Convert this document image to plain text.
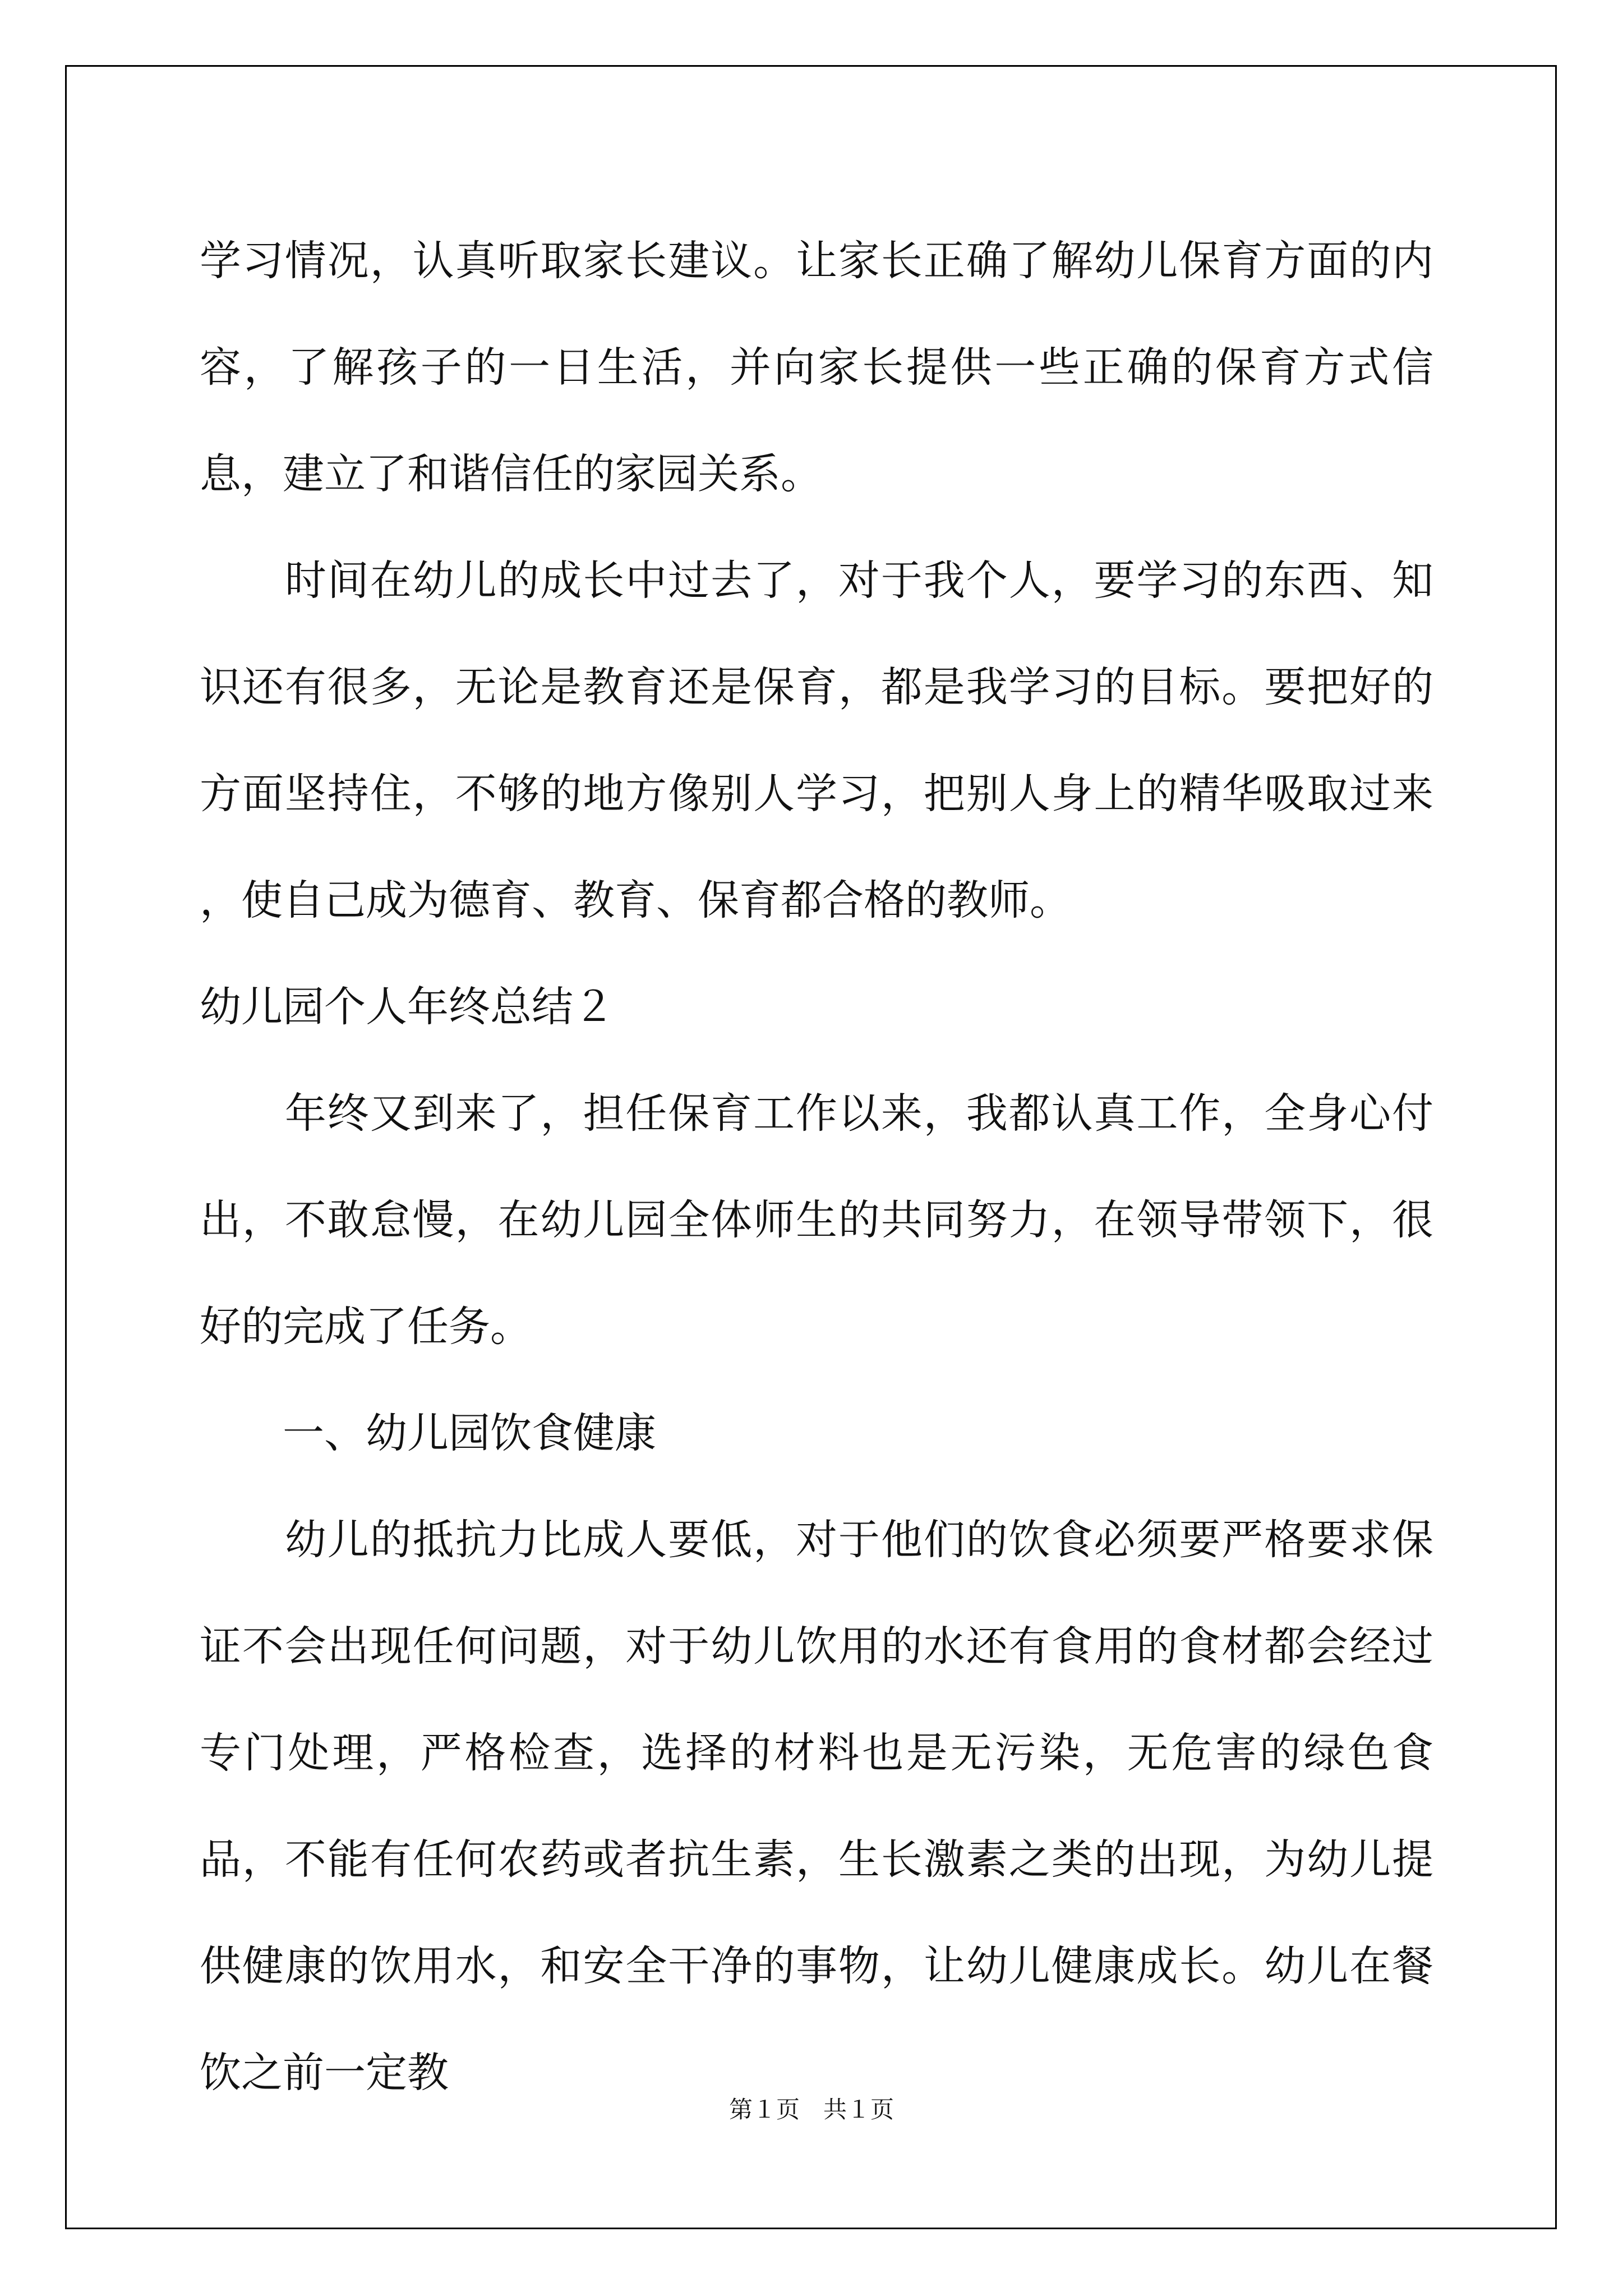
学习情况，认真听取家长建议。让家长正确了解幼儿保育方面的内容，了解孩子的一日生活，并向家长提供一些正确的保育方式信息，建立了和谐信任的家园关系。

　　时间在幼儿的成长中过去了，对于我个人，要学习的东西、知识还有很多，无论是教育还是保育，都是我学习的目标。要把好的方面坚持住，不够的地方像别人学习，把别人身上的精华吸取过来 ，使自己成为德育、教育、保育都合格的教师。

幼儿园个人年终总结２

　　年终又到来了，担任保育工作以来，我都认真工作，全身心付出，不敢怠慢，在幼儿园全体师生的共同努力，在领导带领下，很好的完成了任务。

　　一、幼儿园饮食健康

　　幼儿的抵抗力比成人要低，对于他们的饮食必须要严格要求保证不会出现任何问题，对于幼儿饮用的水还有食用的食材都会经过专门处理，严格检查，选择的材料也是无污染，无危害的绿色食品，不能有任何农药或者抗生素，生长激素之类的出现，为幼儿提供健康的饮用水，和安全干净的事物，让幼儿健康成长。幼儿在餐饮之前一定教

第１页　共１页
